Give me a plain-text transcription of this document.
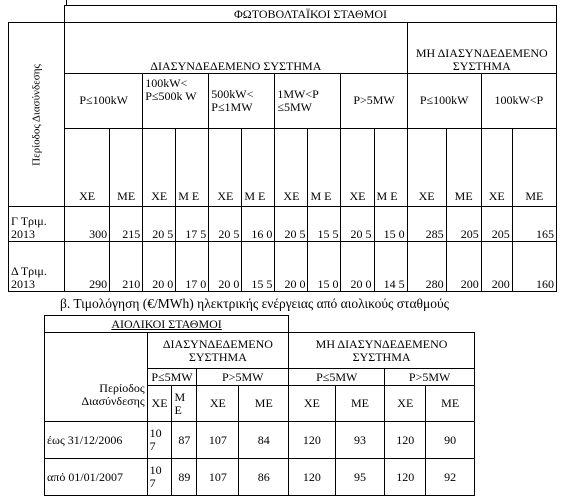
	ΦΩΤΟΒΟΛΤΑΪΚΟΙ ΣΤΑΘΜΟΙ													

Περίοδος Διασύνδεσης	ΔΙΑΣΥΝΔΕΔΕΜΕΝΟ ΣΥΣΤΗΜΑ										ΜΗ ΔΙΑΣΥΝΔΕΔΕΜΕΝΟ ΣΥΣΤΗΜΑ			
	P≤100kW		100kW< P≤500k W		500kW< P≤1MW		1MW<P ≤5MW		P>5MW		P≤100kW		100kW<P	
	ΧΕ	ΜΕ	ΧΕ	Μ Ε	ΧΕ	Μ Ε	ΧΕ	Μ Ε	ΧΕ	Μ Ε	ΧΕ	ΜΕ	ΧΕ	ΜΕ
Γ Τριμ. 2013	300	215	20 5	17 5	20 5	16 0	20 5	15 5	20 5	15 0	285	205	205	165
Δ Τριμ. 2013	290	210	20 0	17 0	20 0	15 5	20 0	15 0	20 0	14 5	280	200	200	160
β. Τιμολόγηση (€/MWh) ηλεκτρικής ενέργειας από αιολικούς σταθμούς
ΑΙΟΛΙΚΟΙ ΣΤΑΘΜΟΙ								
	ΔΙΑΣΥΝΔΕΔΕΜΕΝΟ ΣΥΣΤΗΜΑ				ΜΗ ΔΙΑΣΥΝΔΕΔΕΜΕΝΟ ΣΥΣΤΗΜΑ			
Περίοδος Διασύνδεσης	P≤5MW		P>5MW		P≤5MW		P>5MW	
	ΧΕ	Μ Ε	ΧΕ	ΜΕ	ΧΕ	ΜΕ	ΧΕ	ΜΕ
έως 31/12/2006	10 7	87	107	84	120	93	120	90
από 01/01/2007	10 7	89	107	86	120	95	120	92
